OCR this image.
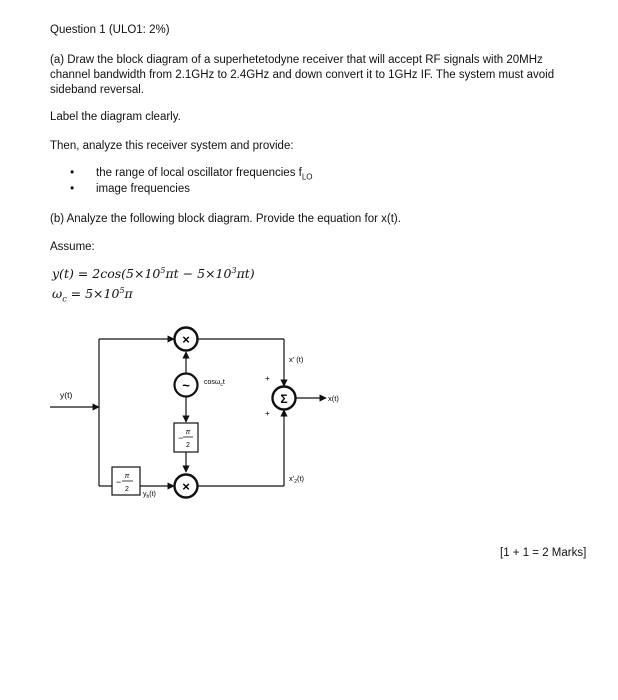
Question 1 (ULO1: 2%)
(a) Draw the block diagram of a superhetetodyne receiver that will accept RF signals with 20MHz channel bandwidth from 2.1GHz to 2.4GHz and down convert it to 1GHz IF. The system must avoid sideband reversal.
Label the diagram clearly.
Then, analyze this receiver system and provide:
• the range of local oscillator frequencies $f_{LO}$
• image frequencies
(b) Analyze the following block diagram. Provide the equation for x(t).
Assume:
$y(t) = 2\cos(5\times 10^5\pi t - 5\times 10^3\pi t)$
$\omega_c = 5\times 10^5\pi$
y(t)
×
x' (t)
+
~ cosω$_c$t
−
π
2
−
π
2
$y_h(t)$
×
$x'_2(t)$
+
Σ	x(t)
[1 + 1 = 2 Marks]
